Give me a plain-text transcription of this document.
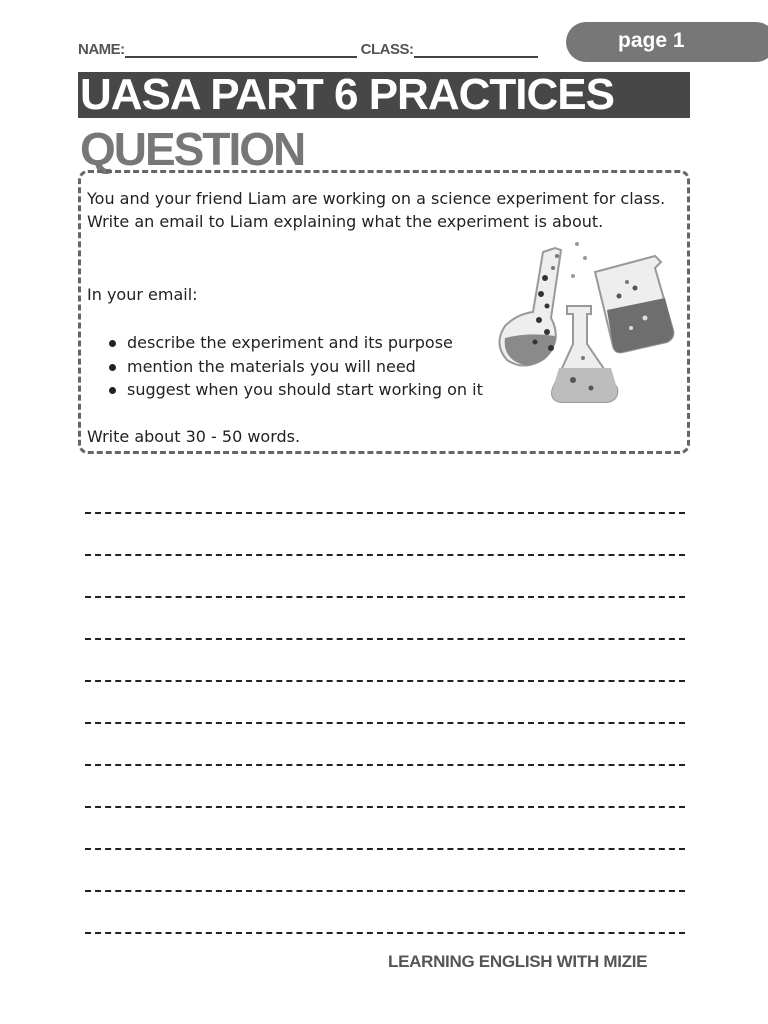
NAME:	CLASS:	page 1
UASA PART 6 PRACTICES
QUESTION

You and your friend Liam are working on a science experiment for class. Write an email to Liam explaining what the experiment is about.

In your email:

describe the experiment and its purpose
mention the materials you will need
suggest when you should start working on it

Write about 30 - 50 words.

LEARNING ENGLISH WITH MIZIE
